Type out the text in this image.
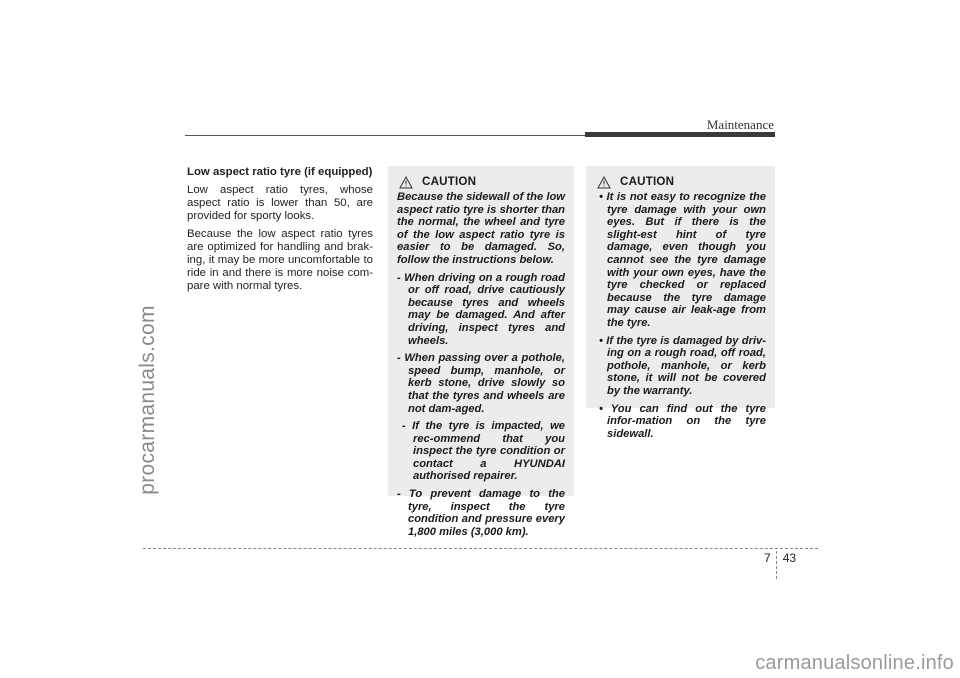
procarmanuals.com
Maintenance
Low aspect ratio tyre (if equipped)

Low aspect ratio tyres, whose aspect ratio is lower than 50, are provided for sporty looks.

Because the low aspect ratio tyres are optimized for handling and brak-ing, it may be more uncomfortable to ride in and there is more noise com-pare with normal tyres.

CAUTION

Because the sidewall of the low aspect ratio tyre is shorter than the normal, the wheel and tyre of the low aspect ratio tyre is easier to be damaged. So, follow the instructions below.

- When driving on a rough road or off road, drive cautiously because tyres and wheels may be damaged. And after driving, inspect tyres and wheels.

- When passing over a pothole, speed bump, manhole, or kerb stone, drive slowly so that the tyres and wheels are not dam-aged.

- If the tyre is impacted, we rec-ommend that you inspect the tyre condition or contact a HYUNDAI authorised repairer.

- To prevent damage to the tyre, inspect the tyre condition and pressure every 1,800 miles (3,000 km).

CAUTION

• It is not easy to recognize the tyre damage with your own eyes. But if there is the slight-est hint of tyre damage, even though you cannot see the tyre damage with your own eyes, have the tyre checked or replaced because the tyre damage may cause air leak-age from the tyre.

• If the tyre is damaged by driv-ing on a rough road, off road, pothole, manhole, or kerb stone, it will not be covered by the warranty.

• You can find out the tyre infor-mation on the tyre sidewall.

7 43
carmanualsonline.info
